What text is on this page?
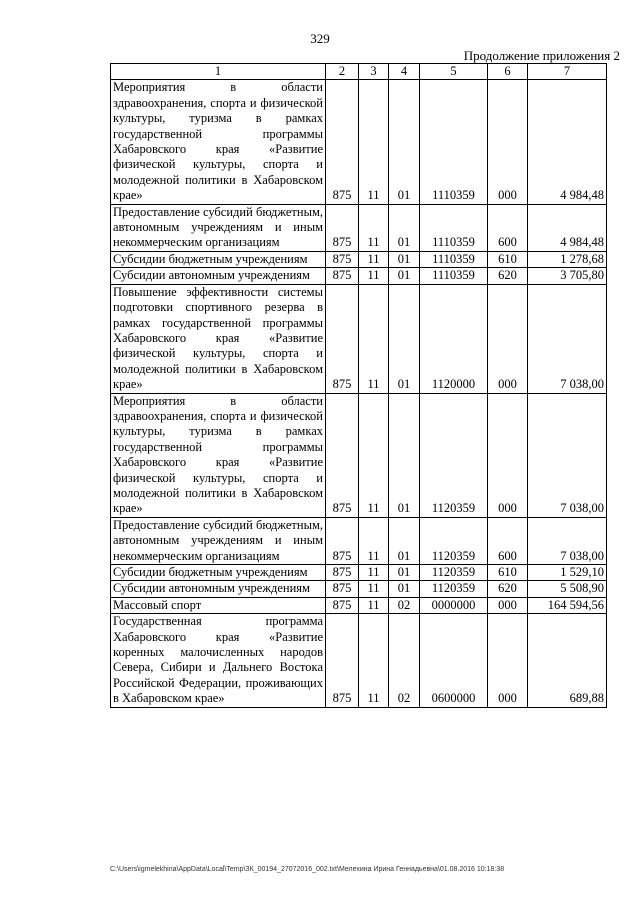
329
Продолжение приложения 2
1	2	3	4	5	6	7
Мероприятия в области здравоохранения, спорта и физической культуры, туризма в рамках государственной программы Хабаровского края «Развитие физической культуры, спорта и молодежной политики в Хабаровском крае»	875	11	01	1110359	000	4 984,48
Предоставление субсидий бюджетным, автономным учреждениям и иным некоммерческим организациям	875	11	01	1110359	600	4 984,48
Субсидии бюджетным учреждениям	875	11	01	1110359	610	1 278,68
Субсидии автономным учреждениям	875	11	01	1110359	620	3 705,80
Повышение эффективности системы подготовки спортивного резерва в рамках государственной программы Хабаровского края «Развитие физической культуры, спорта и молодежной политики в Хабаровском крае»	875	11	01	1120000	000	7 038,00
Мероприятия в области здравоохранения, спорта и физической культуры, туризма в рамках государственной программы Хабаровского края «Развитие физической культуры, спорта и молодежной политики в Хабаровском крае»	875	11	01	1120359	000	7 038,00
Предоставление субсидий бюджетным, автономным учреждениям и иным некоммерческим организациям	875	11	01	1120359	600	7 038,00
Субсидии бюджетным учреждениям	875	11	01	1120359	610	1 529,10
Субсидии автономным учреждениям	875	11	01	1120359	620	5 508,90
Массовый спорт	875	11	02	0000000	000	164 594,56
Государственная программа Хабаровского края «Развитие коренных малочисленных народов Севера, Сибири и Дальнего Востока Российской Федерации, проживающих в Хабаровском крае»	875	11	02	0600000	000	689,88
C:\Users\igmelekhina\AppData\Local\Temp\ЗК_00194_27072016_002.txt\Мелехина Ирина Геннадьевна\01.08.2016 10:18:38
